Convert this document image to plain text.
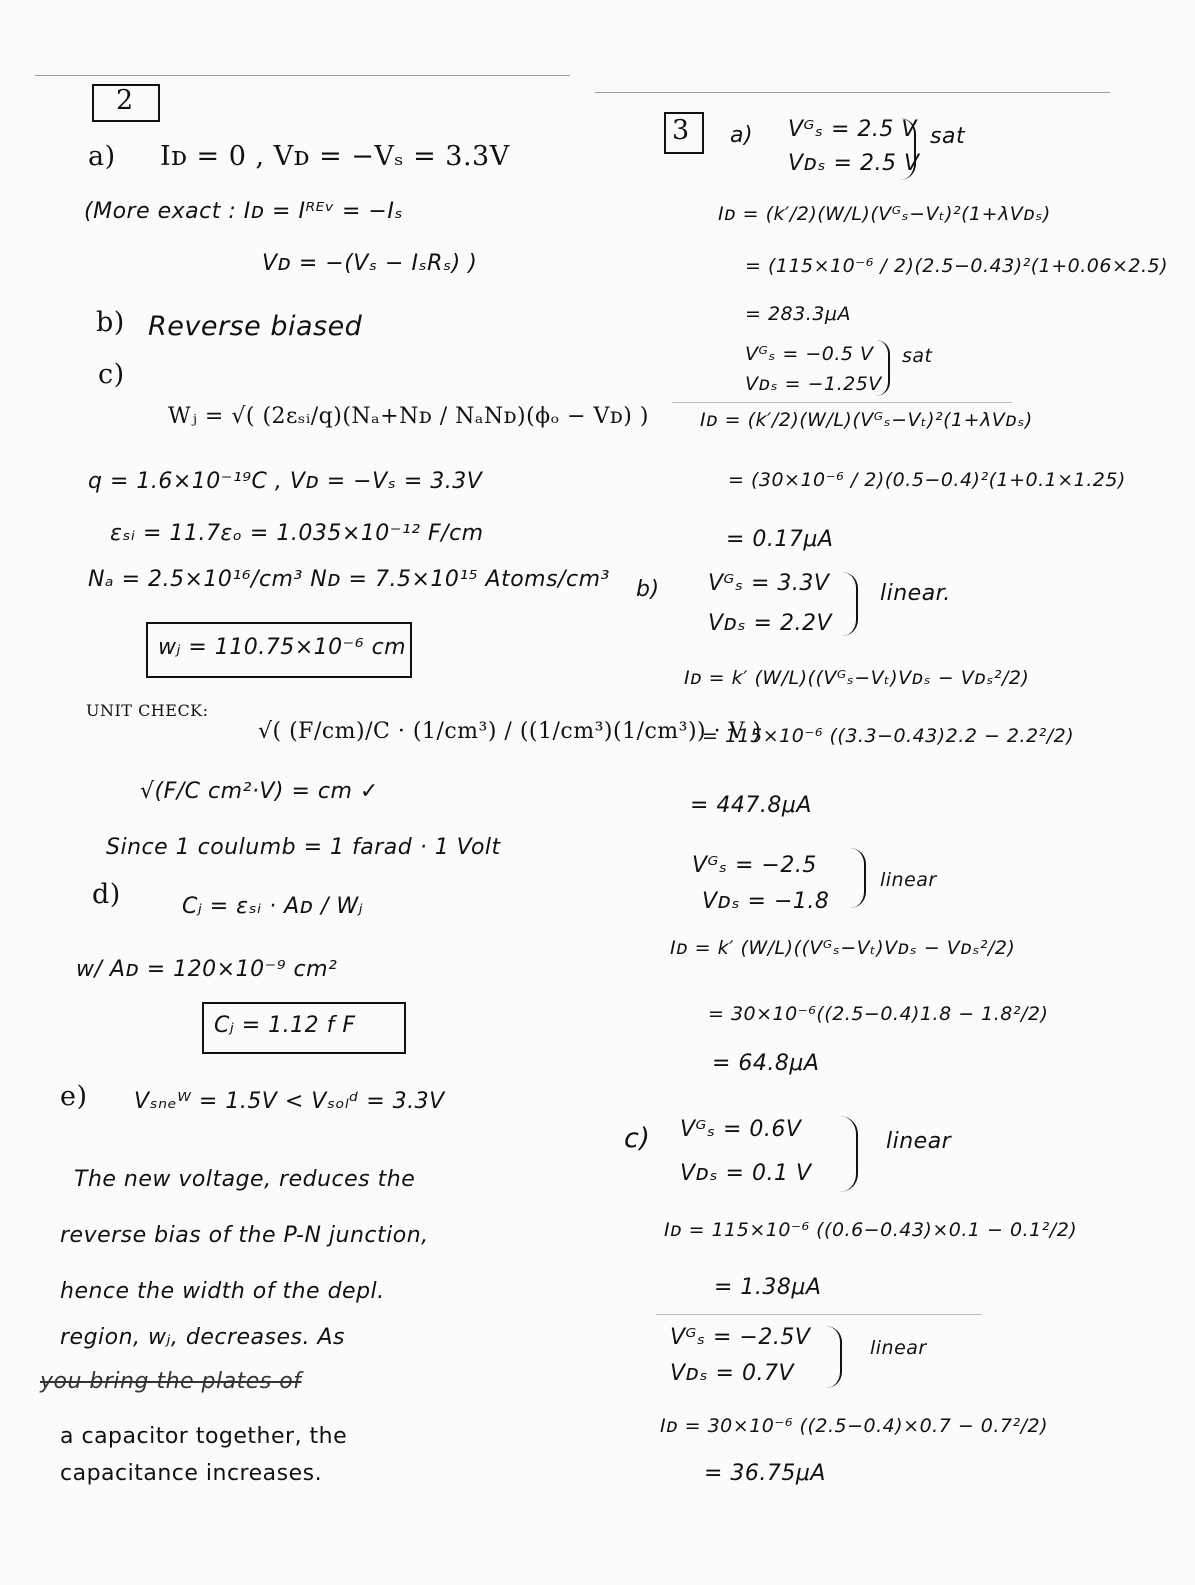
2
a) Iᴅ = 0 , Vᴅ = −Vₛ = 3.3V
(More exact : Iᴅ = Iᴿᴱᵛ = −Iₛ
Vᴅ = −(Vₛ − IₛRₛ) )
b) Reverse biased
c)
Wⱼ = √( (2εₛᵢ/q)(Nₐ+Nᴅ / NₐNᴅ)(ϕₒ − Vᴅ) )
q = 1.6×10⁻¹⁹C , Vᴅ = −Vₛ = 3.3V
εₛᵢ = 11.7εₒ = 1.035×10⁻¹² F/cm
Nₐ = 2.5×10¹⁶/cm³ Nᴅ = 7.5×10¹⁵ Atoms/cm³
wⱼ = 110.75×10⁻⁶ cm
UNIT CHECK:
√( (F/cm)/C · (1/cm³) / ((1/cm³)(1/cm³)) · V )
√(F/C cm²·V) = cm ✓
Since 1 coulumb = 1 farad · 1 Volt
d)	Cⱼ = εₛᵢ · Aᴅ / Wⱼ
w/ Aᴅ = 120×10⁻⁹ cm²
Cⱼ = 1.12 f F
e) Vₛₙₑᵂ = 1.5V < Vₛₒₗᵈ = 3.3V
The new voltage, reduces the
reverse bias of the P-N junction,
hence the width of the depl.
region, wⱼ, decreases. As
you bring the plates of
a capacitor together, the
capacitance increases.
3 a) Vᴳₛ = 2.5 V
Vᴅₛ = 2.5 V
sat
Iᴅ = (k′/2)(W/L)(Vᴳₛ−Vₜ)²(1+λVᴅₛ)
= (115×10⁻⁶ / 2)(2.5−0.43)²(1+0.06×2.5)
= 283.3μA
Vᴳₛ = −0.5 V
Vᴅₛ = −1.25V
sat
Iᴅ = (k′/2)(W/L)(Vᴳₛ−Vₜ)²(1+λVᴅₛ)
= (30×10⁻⁶ / 2)(0.5−0.4)²(1+0.1×1.25)
= 0.17μA
b) Vᴳₛ = 3.3V
Vᴅₛ = 2.2V
linear.
Iᴅ = k′ (W/L)((Vᴳₛ−Vₜ)Vᴅₛ − Vᴅₛ²/2)
= 115×10⁻⁶ ((3.3−0.43)2.2 − 2.2²/2)
= 447.8μA
Vᴳₛ = −2.5
Vᴅₛ = −1.8
linear
Iᴅ = k′ (W/L)((Vᴳₛ−Vₜ)Vᴅₛ − Vᴅₛ²/2)
= 30×10⁻⁶((2.5−0.4)1.8 − 1.8²/2)
= 64.8μA
c) Vᴳₛ = 0.6V
Vᴅₛ = 0.1 V
linear
Iᴅ = 115×10⁻⁶ ((0.6−0.43)×0.1 − 0.1²/2)
= 1.38μA
Vᴳₛ = −2.5V
Vᴅₛ = 0.7V
linear
Iᴅ = 30×10⁻⁶ ((2.5−0.4)×0.7 − 0.7²/2)
= 36.75μA
